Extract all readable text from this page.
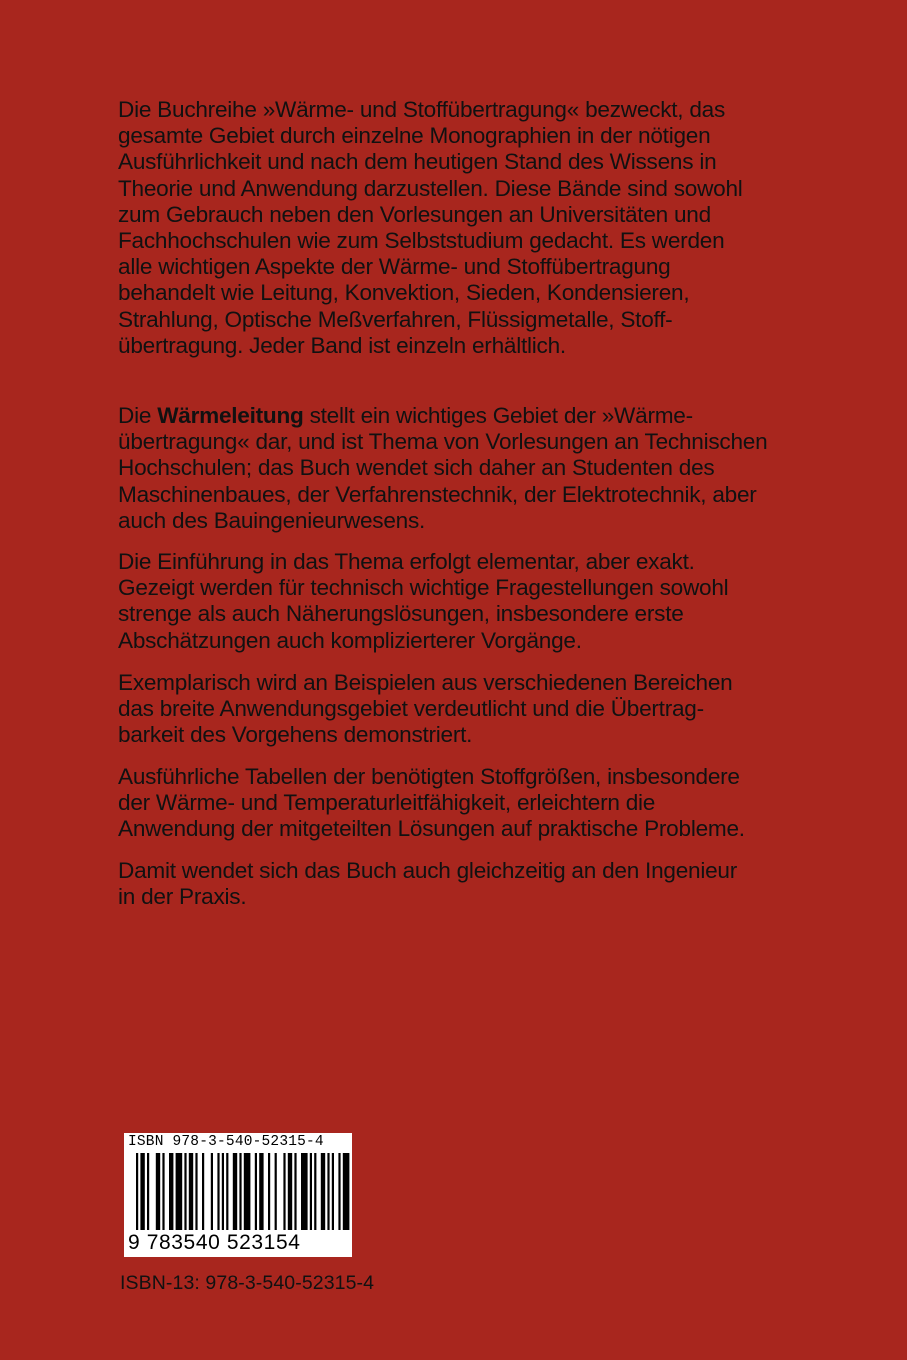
Die Buchreihe »Wärme- und Stoffübertragung« bezweckt, das
gesamte Gebiet durch einzelne Monographien in der nötigen
Ausführlichkeit und nach dem heutigen Stand des Wissens in
Theorie und Anwendung darzustellen. Diese Bände sind sowohl
zum Gebrauch neben den Vorlesungen an Universitäten und
Fachhochschulen wie zum Selbststudium gedacht. Es werden
alle wichtigen Aspekte der Wärme- und Stoffübertragung
behandelt wie Leitung, Konvektion, Sieden, Kondensieren,
Strahlung, Optische Meßverfahren, Flüssigmetalle, Stoff-
übertragung. Jeder Band ist einzeln erhältlich.

Die Wärmeleitung stellt ein wichtiges Gebiet der »Wärme-
übertragung« dar, und ist Thema von Vorlesungen an Technischen
Hochschulen; das Buch wendet sich daher an Studenten des
Maschinenbaues, der Verfahrenstechnik, der Elektrotechnik, aber
auch des Bauingenieurwesens.

Die Einführung in das Thema erfolgt elementar, aber exakt.
Gezeigt werden für technisch wichtige Fragestellungen sowohl
strenge als auch Näherungslösungen, insbesondere erste
Abschätzungen auch komplizierterer Vorgänge.

Exemplarisch wird an Beispielen aus verschiedenen Bereichen
das breite Anwendungsgebiet verdeutlicht und die Übertrag-
barkeit des Vorgehens demonstriert.

Ausführliche Tabellen der benötigten Stoffgrößen, insbesondere
der Wärme- und Temperaturleitfähigkeit, erleichtern die
Anwendung der mitgeteilten Lösungen auf praktische Probleme.

Damit wendet sich das Buch auch gleichzeitig an den Ingenieur
in der Praxis.

ISBN 978-3-540-52315-4
9 783540 523154
ISBN-13: 978-3-540-52315-4
